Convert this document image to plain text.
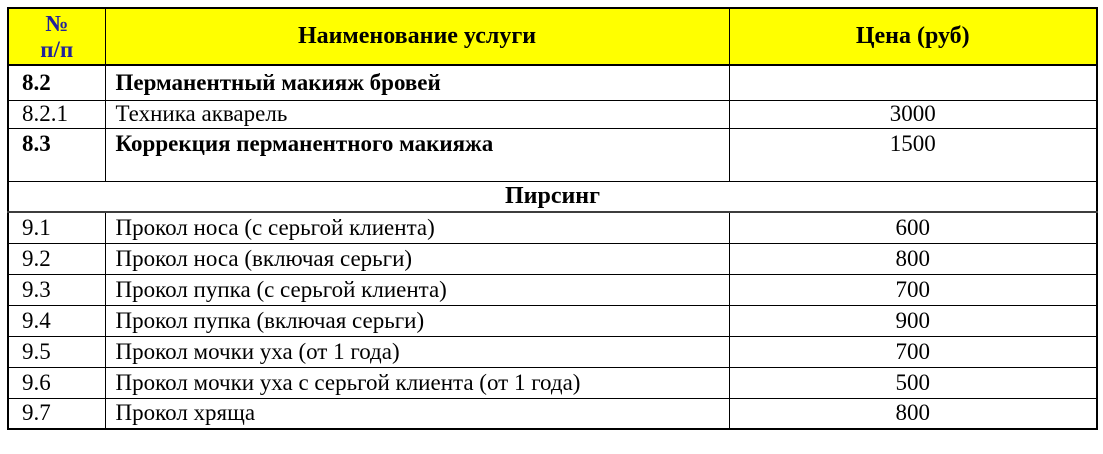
№
п/п	Наименование услуги	Цена (руб)
8.2	Перманентный макияж бровей	
8.2.1	Техника акварель	3000
8.3	Коррекция перманентного макияжа	1500
Пирсинг		
9.1	Прокол носа (с серьгой клиента)	600
9.2	Прокол носа (включая серьги)	800
9.3	Прокол пупка (с серьгой клиента)	700
9.4	Прокол пупка (включая серьги)	900
9.5	Прокол мочки уха (от 1 года)	700
9.6	Прокол мочки уха с серьгой клиента (от 1 года)	500
9.7	Прокол хряща	800
